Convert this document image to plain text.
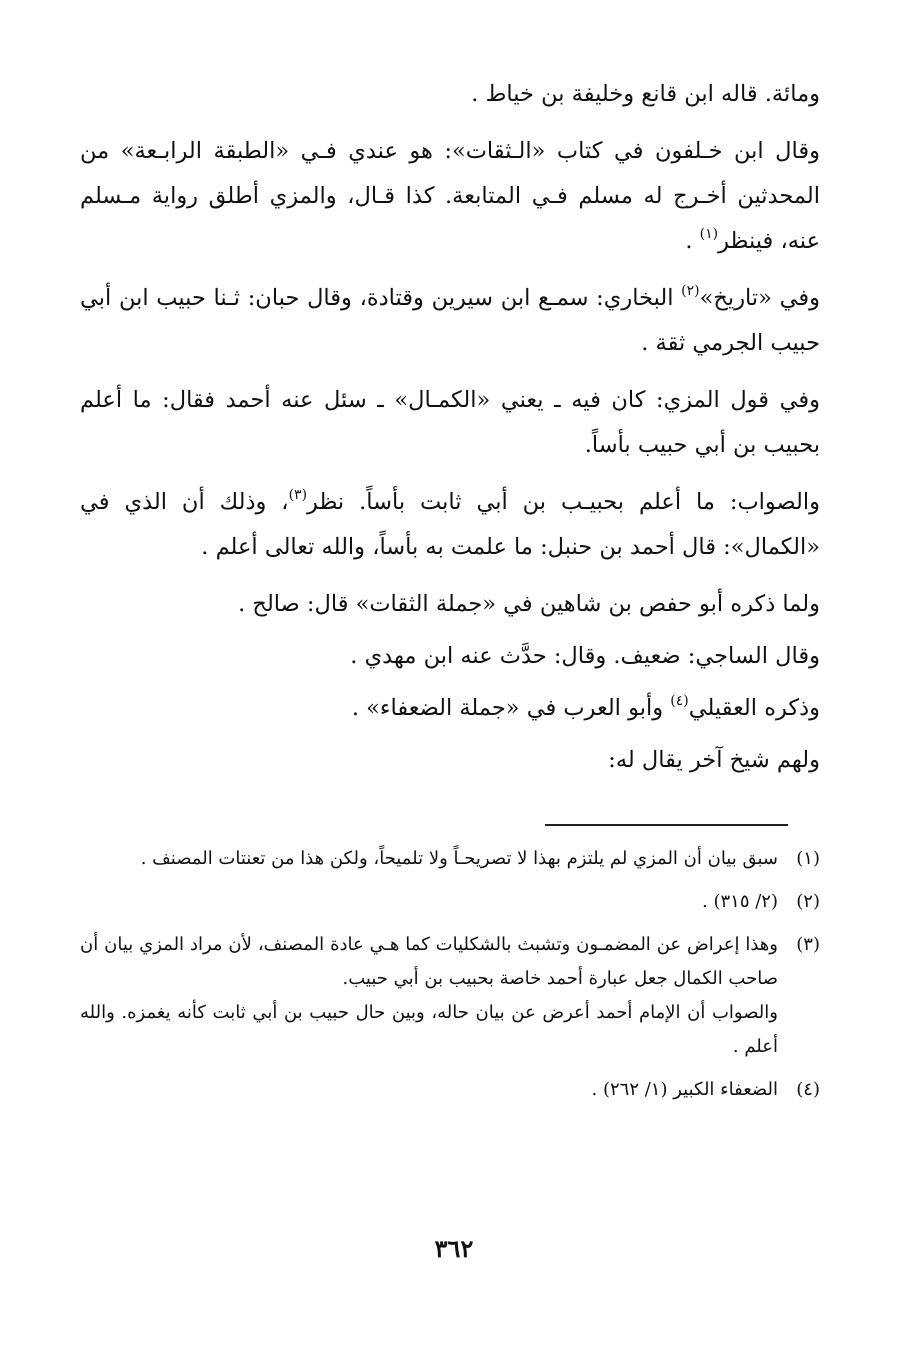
ومائة. قاله ابن قانع وخليفة بن خياط .

وقال ابن خـلفون في كتاب «الـثقات»: هو عندي فـي «الطبقة الرابـعة» من المحدثين أخـرج له مسلم فـي المتابعة. كذا قـال، والمزي أطلق رواية مـسلم عنه، فينظر$^{(١)}$ .

وفي «تاريخ»$^{(٢)}$ البخاري: سمـع ابن سيرين وقتادة، وقال حبان: ثـنا حبيب ابن أبي حبيب الجرمي ثقة .

وفي قول المزي: كان فيه ـ يعني «الكمـال» ـ سئل عنه أحمد فقال: ما أعلم بحبيب بن أبي حبيب بأساً.

والصواب: ما أعلم بحبيـب بن أبي ثابت بأساً. نظر$^{(٣)}$، وذلك أن الذي في «الكمال»: قال أحمد بن حنبل: ما علمت به بأساً، والله تعالى أعلم .

ولما ذكره أبو حفص بن شاهين في «جملة الثقات» قال: صالح .

وقال الساجي: ضعيف. وقال: حدَّث عنه ابن مهدي .

وذكره العقيلي$^{(٤)}$ وأبو العرب في «جملة الضعفاء» .

ولهم شيخ آخر يقال له:

(١)
سبق بيان أن المزي لم يلتزم بهذا لا تصريحـاً ولا تلميحاً، ولكن هذا من تعنتات المصنف .
(٢)
(٢/ ٣١٥) .
(٣)
وهذا إعراض عن المضمـون وتشبث بالشكليات كما هـي عادة المصنف، لأن مراد المزي بيان أن صاحب الكمال جعل عبارة أحمد خاصة بحبيب بن أبي حبيب.
والصواب أن الإمام أحمد أعرض عن بيان حاله، وبين حال حبيب بن أبي ثابت كأنه يغمزه. والله أعلم .
(٤)
الضعفاء الكبير (١/ ٢٦٢) .
٣٦٢
